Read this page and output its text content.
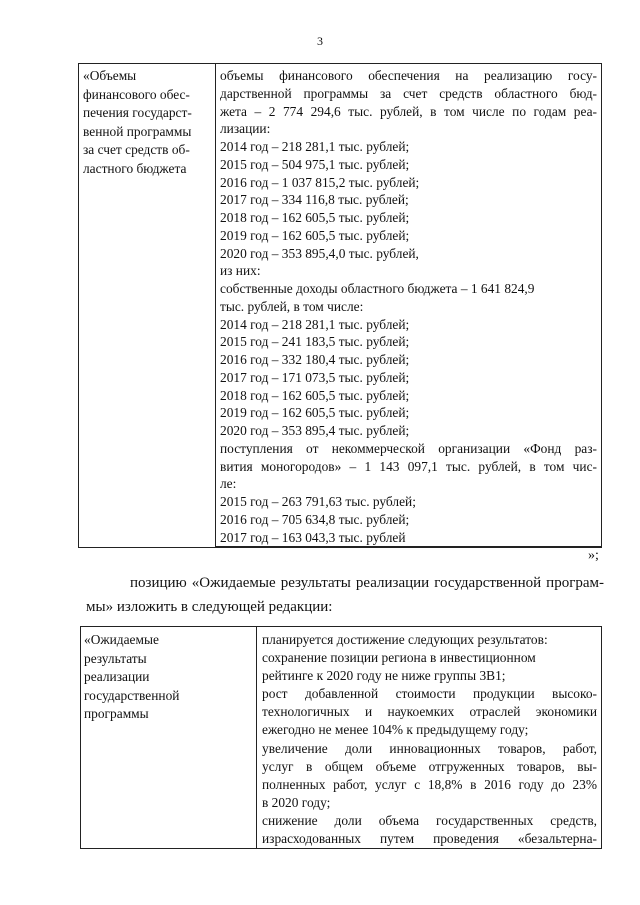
3
«Объемы
финансового обес-
печения государст-
венной программы
за счет средств об-
ластного бюджета

объемы финансового обеспечения на реализацию госу-
дарственной программы за счет средств областного бюд-
жета – 2 774 294,6 тыс. рублей, в том числе по годам реа-
лизации:
2014 год – 218 281,1 тыс. рублей;
2015 год – 504 975,1 тыс. рублей;
2016 год – 1 037 815,2 тыс. рублей;
2017 год – 334 116,8 тыс. рублей;
2018 год – 162 605,5 тыс. рублей;
2019 год – 162 605,5 тыс. рублей;
2020 год – 353 895,4,0 тыс. рублей,
из них:
собственные доходы областного бюджета – 1 641 824,9
тыс. рублей, в том числе:
2014 год – 218 281,1 тыс. рублей;
2015 год – 241 183,5 тыс. рублей;
2016 год – 332 180,4 тыс. рублей;
2017 год – 171 073,5 тыс. рублей;
2018 год – 162 605,5 тыс. рублей;
2019 год – 162 605,5 тыс. рублей;
2020 год – 353 895,4 тыс. рублей;
поступления от некоммерческой организации «Фонд раз-
вития моногородов» – 1 143 097,1 тыс. рублей, в том чис-
ле:
2015 год – 263 791,63 тыс. рублей;
2016 год – 705 634,8 тыс. рублей;
2017 год – 163 043,3 тыс. рублей
»;
позицию «Ожидаемые результаты реализации государственной програм-
мы» изложить в следующей редакции:
«Ожидаемые
результаты
реализации
государственной
программы

планируется достижение следующих результатов:
сохранение позиции региона в инвестиционном
рейтинге к 2020 году не ниже группы 3В1;
рост добавленной стоимости продукции высоко-
технологичных и наукоемких отраслей экономики
ежегодно не менее 104% к предыдущему году;
увеличение доли инновационных товаров, работ,
услуг в общем объеме отгруженных товаров, вы-
полненных работ, услуг с 18,8% в 2016 году до 23%
в 2020 году;
снижение доли объема государственных средств,
израсходованных путем проведения «безальтерна-
